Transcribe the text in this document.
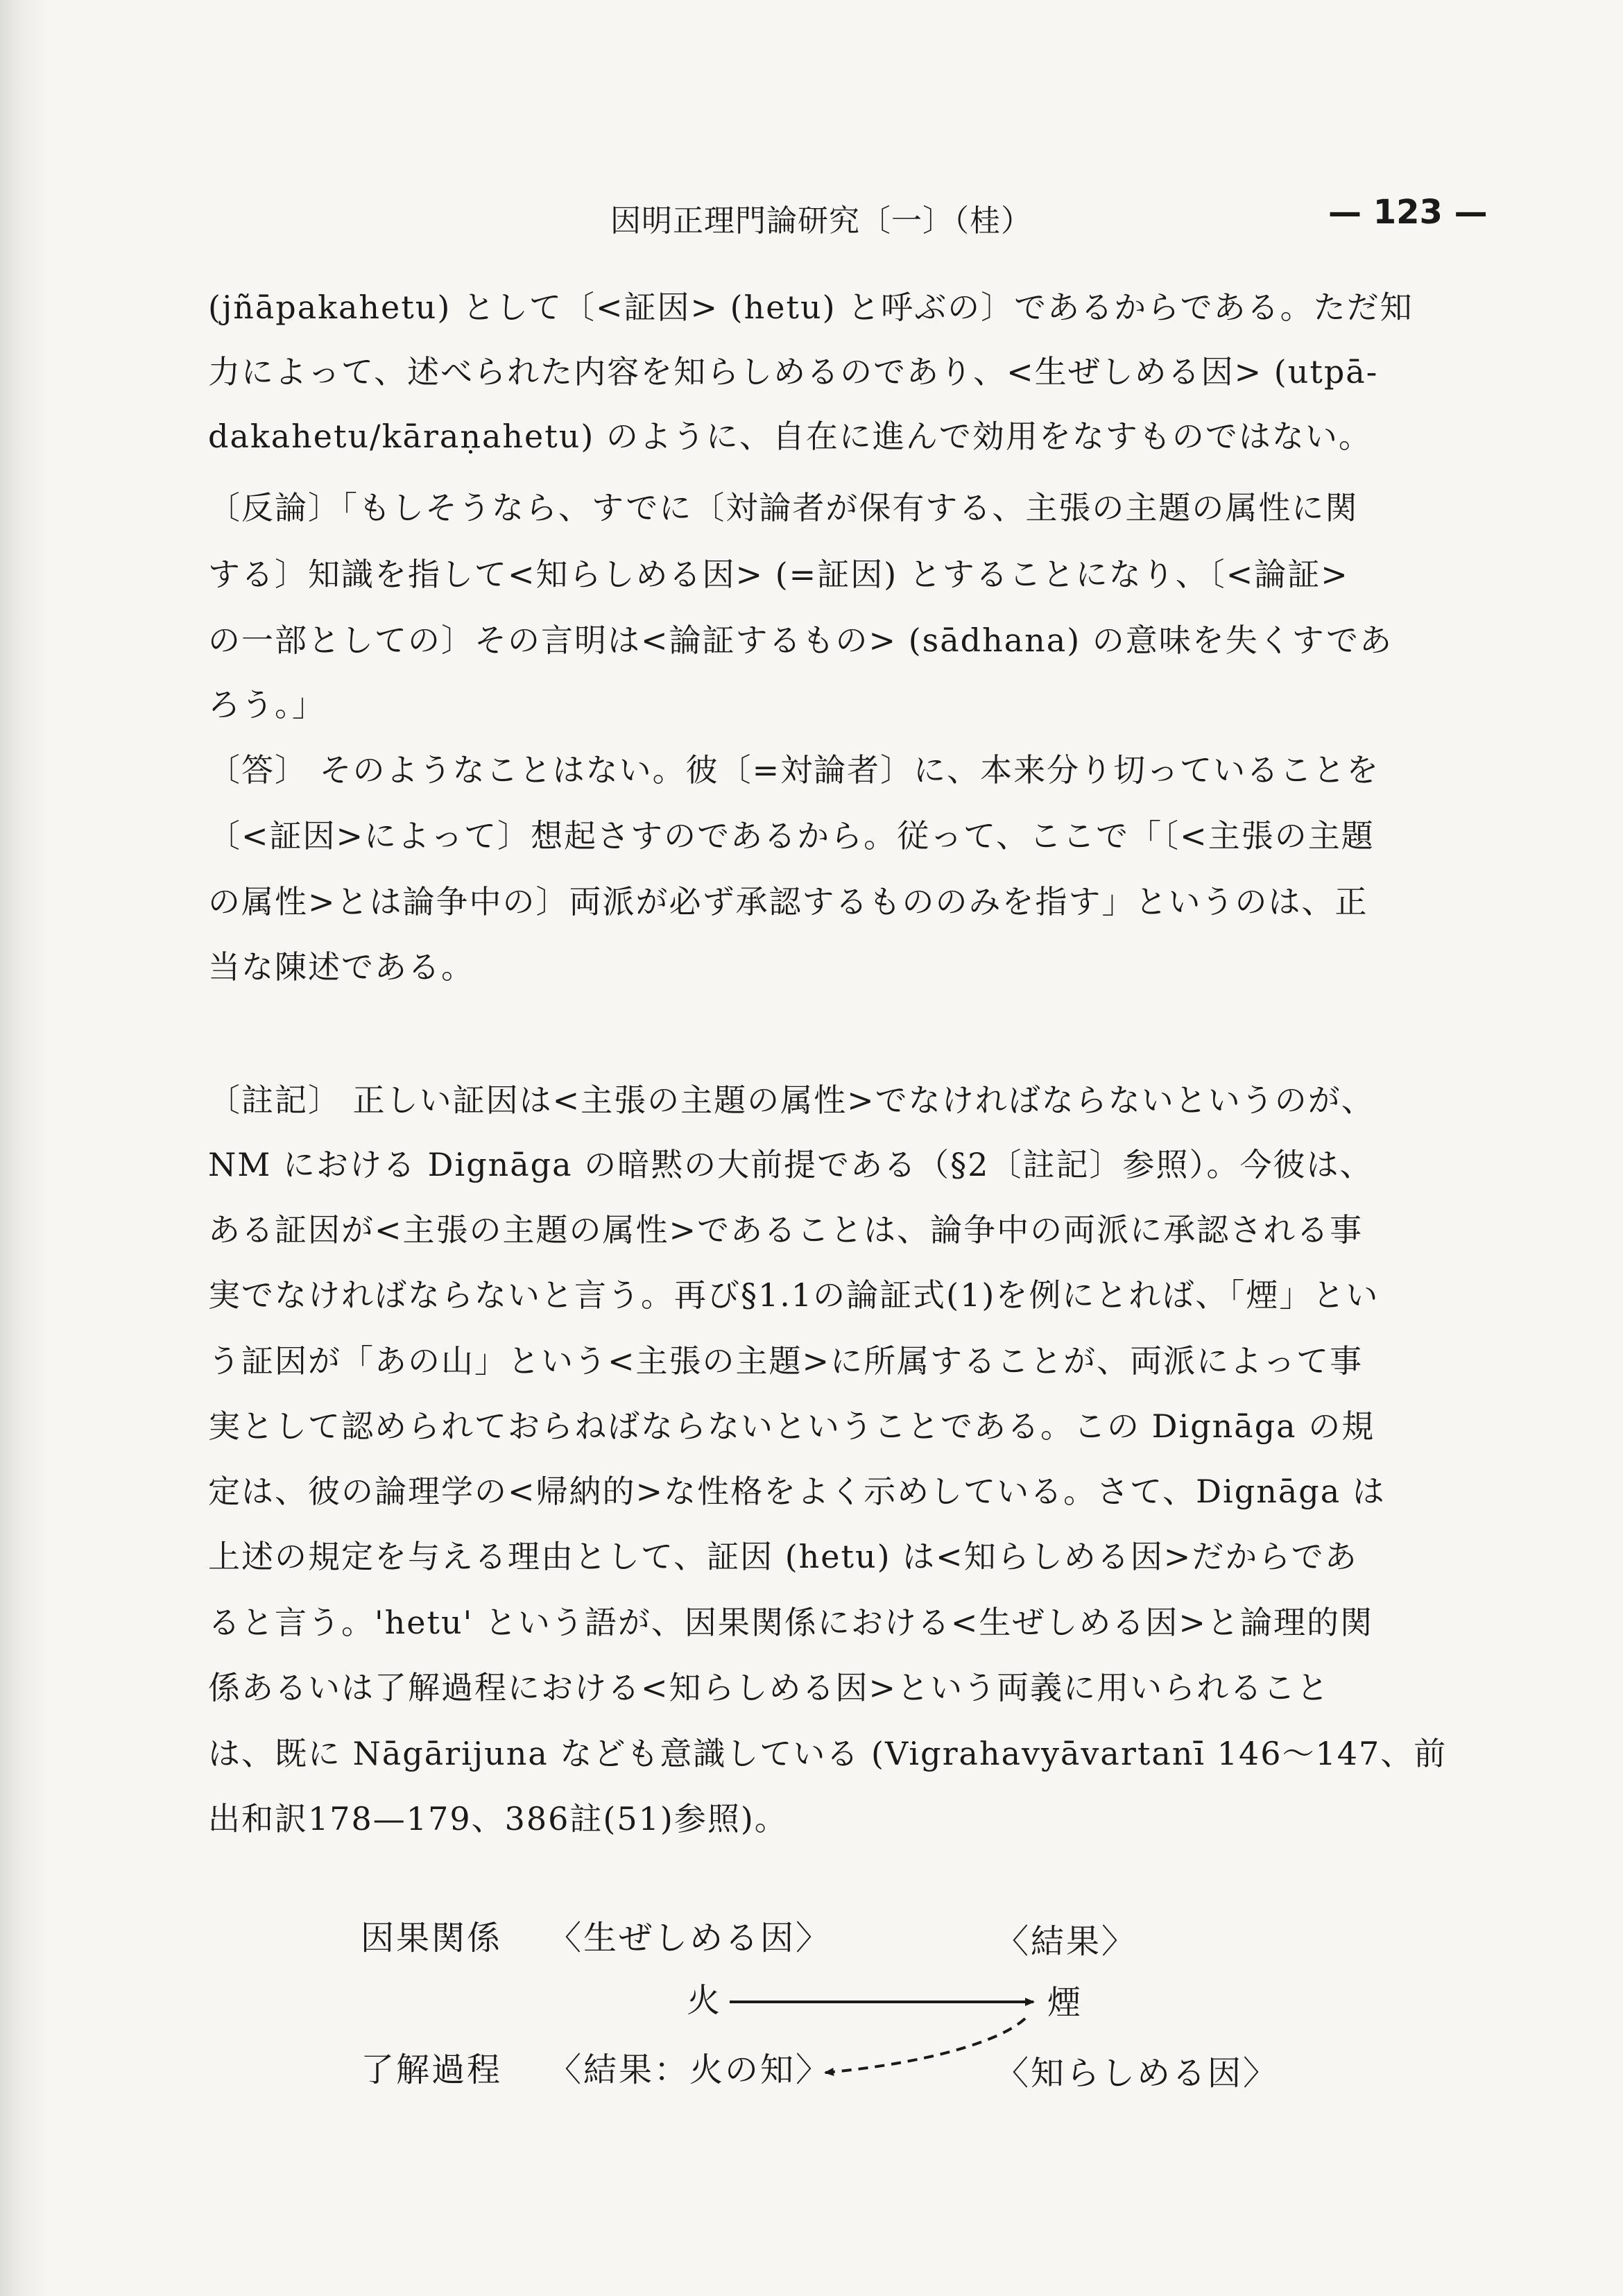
因明正理門論研究〔一〕（桂）	— 123 —
(jñāpakahetu) として〔<証因> (hetu) と呼ぶの〕であるからである。ただ知
力によって、述べられた内容を知らしめるのであり、<生ぜしめる因> (utpā-
dakahetu/kāraṇahetu) のように、自在に進んで効用をなすものではない。
〔反論〕「もしそうなら、すでに〔対論者が保有する、主張の主題の属性に関
する〕知識を指して<知らしめる因> (=証因) とすることになり、〔<論証>
の一部としての〕その言明は<論証するもの> (sādhana) の意味を失くすであ
ろう。」
〔答〕 そのようなことはない。彼〔=対論者〕に、本来分り切っていることを
〔<証因>によって〕想起さすのであるから。従って、ここで「〔<主張の主題
の属性>とは論争中の〕両派が必ず承認するもののみを指す」というのは、正
当な陳述である。
〔註記〕 正しい証因は<主張の主題の属性>でなければならないというのが、
NM における Dignāga の暗黙の大前提である（§2〔註記〕参照）。今彼は、
ある証因が<主張の主題の属性>であることは、論争中の両派に承認される事
実でなければならないと言う。再び§1.1の論証式(1)を例にとれば、「煙」とい
う証因が「あの山」という<主張の主題>に所属することが、両派によって事
実として認められておらねばならないということである。この Dignāga の規
定は、彼の論理学の<帰納的>な性格をよく示めしている。さて、Dignāga は
上述の規定を与える理由として、証因 (hetu) は<知らしめる因>だからであ
ると言う。'hetu' という語が、因果関係における<生ぜしめる因>と論理的関
係あるいは了解過程における<知らしめる因>という両義に用いられること
は、既に Nāgārijuna なども意識している (Vigrahavyāvartanī 146～147、前
出和訳178—179、386註(51)参照)。
因果関係 〈生ぜしめる因〉	〈結果〉
火	煙
了解過程 〈結果：火の知〉	〈知らしめる因〉
